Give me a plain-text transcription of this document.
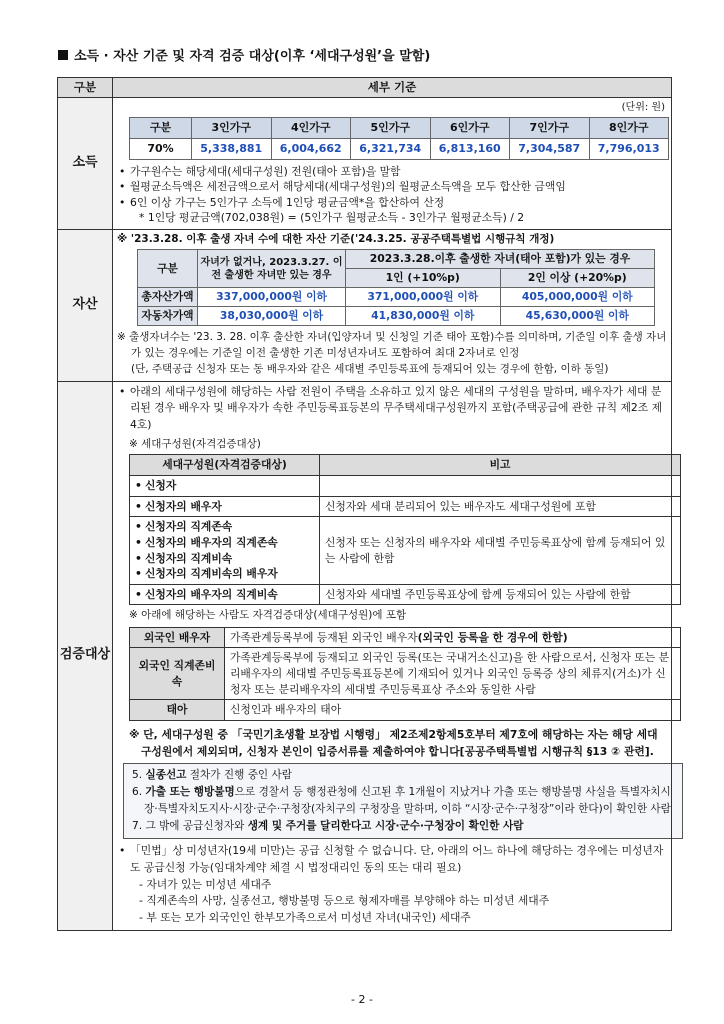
소득 · 자산 기준 및 자격 검증 대상(이후 ‘세대구성원’을 말함)
구분	세부 기준
소득	
(단위: 원)
구분	3인가구	4인가구	5인가구	6인가구	7인가구	8인가구
70%	5,338,881	6,004,662	6,321,734	6,813,160	7,304,587	7,796,013
• 가구원수는 해당세대(세대구성원) 전원(태아 포함)을 말함
• 월평균소득액은 세전금액으로서 해당세대(세대구성원)의 월평균소득액을 모두 합산한 금액임
• 6인 이상 가구는 5인가구 소득에 1인당 평균금액*을 합산하여 산정
* 1인당 평균금액(702,038원) = (5인가구 월평균소득 - 3인가구 월평균소득) / 2

자산	
※ '23.3.28. 이후 출생 자녀 수에 대한 자산 기준('24.3.25. 공공주택특별법 시행규칙 개정)
구분	자녀가 없거나, 2023.3.27. 이전 출생한 자녀만 있는 경우	2023.3.28.이후 출생한 자녀(태아 포함)가 있는 경우
1인 (+10%p)	2인 이상 (+20%p)
총자산가액	337,000,000원 이하	371,000,000원 이하	405,000,000원 이하
자동차가액	38,030,000원 이하	41,830,000원 이하	45,630,000원 이하
※ 출생자녀수는 '23. 3. 28. 이후 출산한 자녀(입양자녀 및 신청일 기준 태아 포함)수를 의미하며, 기준일 이후 출생 자녀가 있는 경우에는 기준일 이전 출생한 기존 미성년자녀도 포함하여 최대 2자녀로 인정
(단, 주택공급 신청자 또는 동 배우자와 같은 세대별 주민등록표에 등재되어 있는 경우에 한함, 이하 동일)

검증대상	
• 아래의 세대구성원에 해당하는 사람 전원이 주택을 소유하고 있지 않은 세대의 구성원을 말하며, 배우자가 세대 분리된 경우 배우자 및 배우자가 속한 주민등록표등본의 무주택세대구성원까지 포함(주택공급에 관한 규칙 제2조 제4호)
※ 세대구성원(자격검증대상)
세대구성원(자격검증대상)	비고

• 신청자

• 신청자의 배우자	신청자와 세대 분리되어 있는 배우자도 세대구성원에 포함

• 신청자의 직계존속
• 신청자의 배우자의 직계존속
• 신청자의 직계비속
• 신청자의 직계비속의 배우자
	신청자 또는 신청자의 배우자와 세대별 주민등록표상에 함께 등재되어 있는 사람에 한함

• 신청자의 배우자의 직계비속	신청자와 세대별 주민등록표상에 함께 등재되어 있는 사람에 한함
※ 아래에 해당하는 사람도 자격검증대상(세대구성원)에 포함
외국인 배우자	가족관계등록부에 등재된 외국인 배우자(외국인 등록을 한 경우에 한함)
외국인 직계존비속	가족관계등록부에 등재되고 외국인 등록(또는 국내거소신고)을 한 사람으로서, 신청자 또는 분리배우자의 세대별 주민등록표등본에 기재되어 있거나 외국인 등록증 상의 체류지(거소)가 신청자 또는 분리배우자의 세대별 주민등록표상 주소와 동일한 사람
태아	신청인과 배우자의 태아
※ 단, 세대구성원 중 「국민기초생활 보장법 시행령」 제2조제2항제5호부터 제7호에 해당하는 자는 해당 세대구성원에서 제외되며, 신청자 본인이 입증서류를 제출하여야 합니다[공공주택특별법 시행규칙 §13 ② 관련].
5. 실종선고 절차가 진행 중인 사람
6. 가출 또는 행방불명으로 경찰서 등 행정관청에 신고된 후 1개월이 지났거나 가출 또는 행방불명 사실을 특별자치시장·특별자치도지사·시장·군수·구청장(자치구의 구청장을 말하며, 이하 “시장·군수·구청장”이라 한다)이 확인한 사람
7. 그 밖에 공급신청자와 생계 및 주거를 달리한다고 시장·군수·구청장이 확인한 사람
• 「민법」상 미성년자(19세 미만)는 공급 신청할 수 없습니다. 단, 아래의 어느 하나에 해당하는 경우에는 미성년자도 공급신청 가능(임대차계약 체결 시 법정대리인 동의 또는 대리 필요)
- 자녀가 있는 미성년 세대주
- 직계존속의 사망, 실종선고, 행방불명 등으로 형제자매를 부양해야 하는 미성년 세대주
- 부 또는 모가 외국인인 한부모가족으로서 미성년 자녀(내국인) 세대주
- 2 -
